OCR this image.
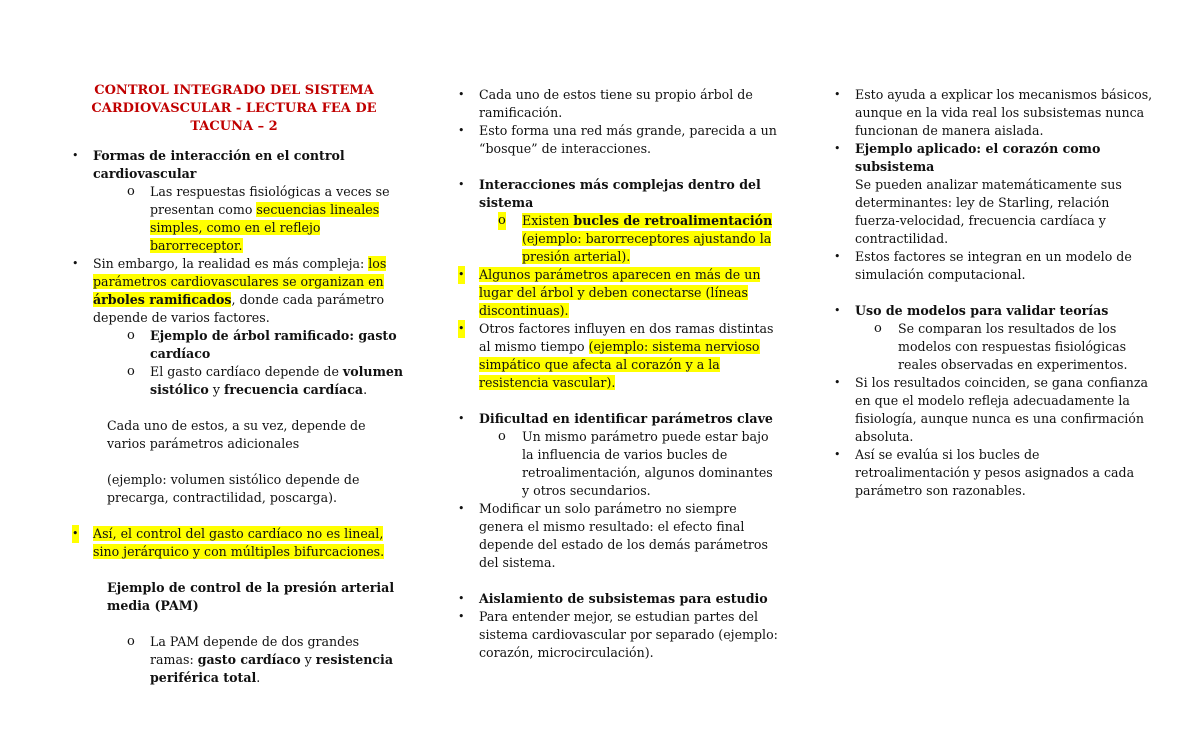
CONTROL INTEGRADO DEL SISTEMA
CARDIOVASCULAR - LECTURA FEA DE TACUNA – 2
• Formas de interacción en el control cardiovascular
o Las respuestas fisiológicas a veces se presentan como secuencias lineales simples, como en el reflejo barorreceptor.
• Sin embargo, la realidad es más compleja: los parámetros cardiovasculares se organizan en árboles ramificados, donde cada parámetro depende de varios factores.
o Ejemplo de árbol ramificado: gasto cardíaco
o El gasto cardíaco depende de volumen sistólico y frecuencia cardíaca.
Cada uno de estos, a su vez, depende de varios parámetros adicionales
(ejemplo: volumen sistólico depende de precarga, contractilidad, poscarga).
• Así, el control del gasto cardíaco no es lineal, sino jerárquico y con múltiples bifurcaciones.
Ejemplo de control de la presión arterial media (PAM)
o La PAM depende de dos grandes ramas: gasto cardíaco y resistencia periférica total.
• Cada uno de estos tiene su propio árbol de ramificación.
• Esto forma una red más grande, parecida a un “bosque” de interacciones.
• Interacciones más complejas dentro del sistema
o Existen bucles de retroalimentación (ejemplo: barorreceptores ajustando la presión arterial).
• Algunos parámetros aparecen en más de un lugar del árbol y deben conectarse (líneas discontinuas).
• Otros factores influyen en dos ramas distintas al mismo tiempo (ejemplo: sistema nervioso simpático que afecta al corazón y a la resistencia vascular).
• Dificultad en identificar parámetros clave
o Un mismo parámetro puede estar bajo la influencia de varios bucles de retroalimentación, algunos dominantes y otros secundarios.
• Modificar un solo parámetro no siempre genera el mismo resultado: el efecto final depende del estado de los demás parámetros del sistema.
• Aislamiento de subsistemas para estudio
• Para entender mejor, se estudian partes del sistema cardiovascular por separado (ejemplo: corazón, microcirculación).
• Esto ayuda a explicar los mecanismos básicos, aunque en la vida real los subsistemas nunca funcionan de manera aislada.
• Ejemplo aplicado: el corazón como subsistema
Se pueden analizar matemáticamente sus determinantes: ley de Starling, relación fuerza-velocidad, frecuencia cardíaca y contractilidad.
• Estos factores se integran en un modelo de simulación computacional.
• Uso de modelos para validar teorías
o Se comparan los resultados de los modelos con respuestas fisiológicas reales observadas en experimentos.
• Si los resultados coinciden, se gana confianza en que el modelo refleja adecuadamente la fisiología, aunque nunca es una confirmación absoluta.
• Así se evalúa si los bucles de retroalimentación y pesos asignados a cada parámetro son razonables.
